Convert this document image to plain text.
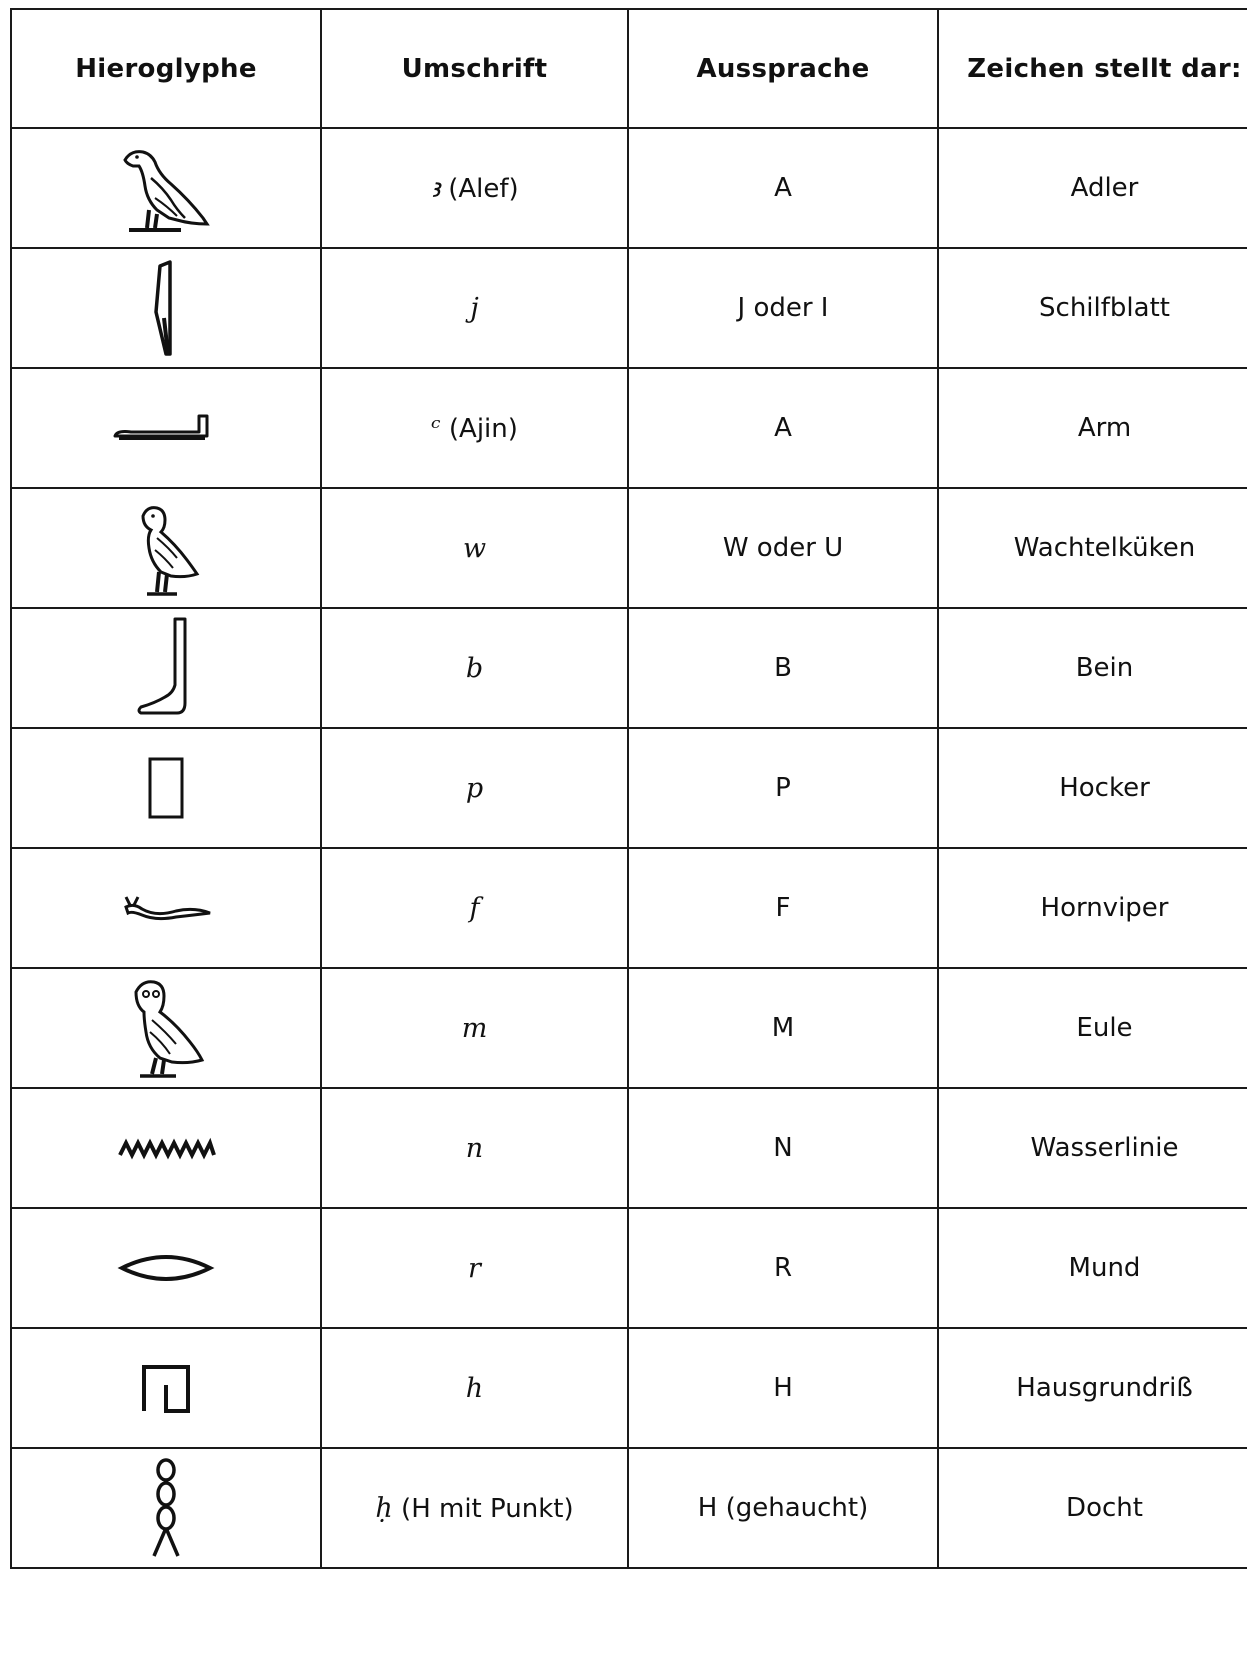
Hieroglyphe	Umschrift	Aussprache	Zeichen stellt dar:

	ꜣ (Alef)	A	Adler

	j	J oder I	Schilfblatt

	ᶜ (Ajin)	A	Arm

	w	W oder U	Wachtelküken

	b	B	Bein

	p	P	Hocker

	f	F	Hornviper

	m	M	Eule

	n	N	Wasserlinie

	r	R	Mund

	h	H	Hausgrundriß

	ḥ (H mit Punkt)	H (gehaucht)	Docht
